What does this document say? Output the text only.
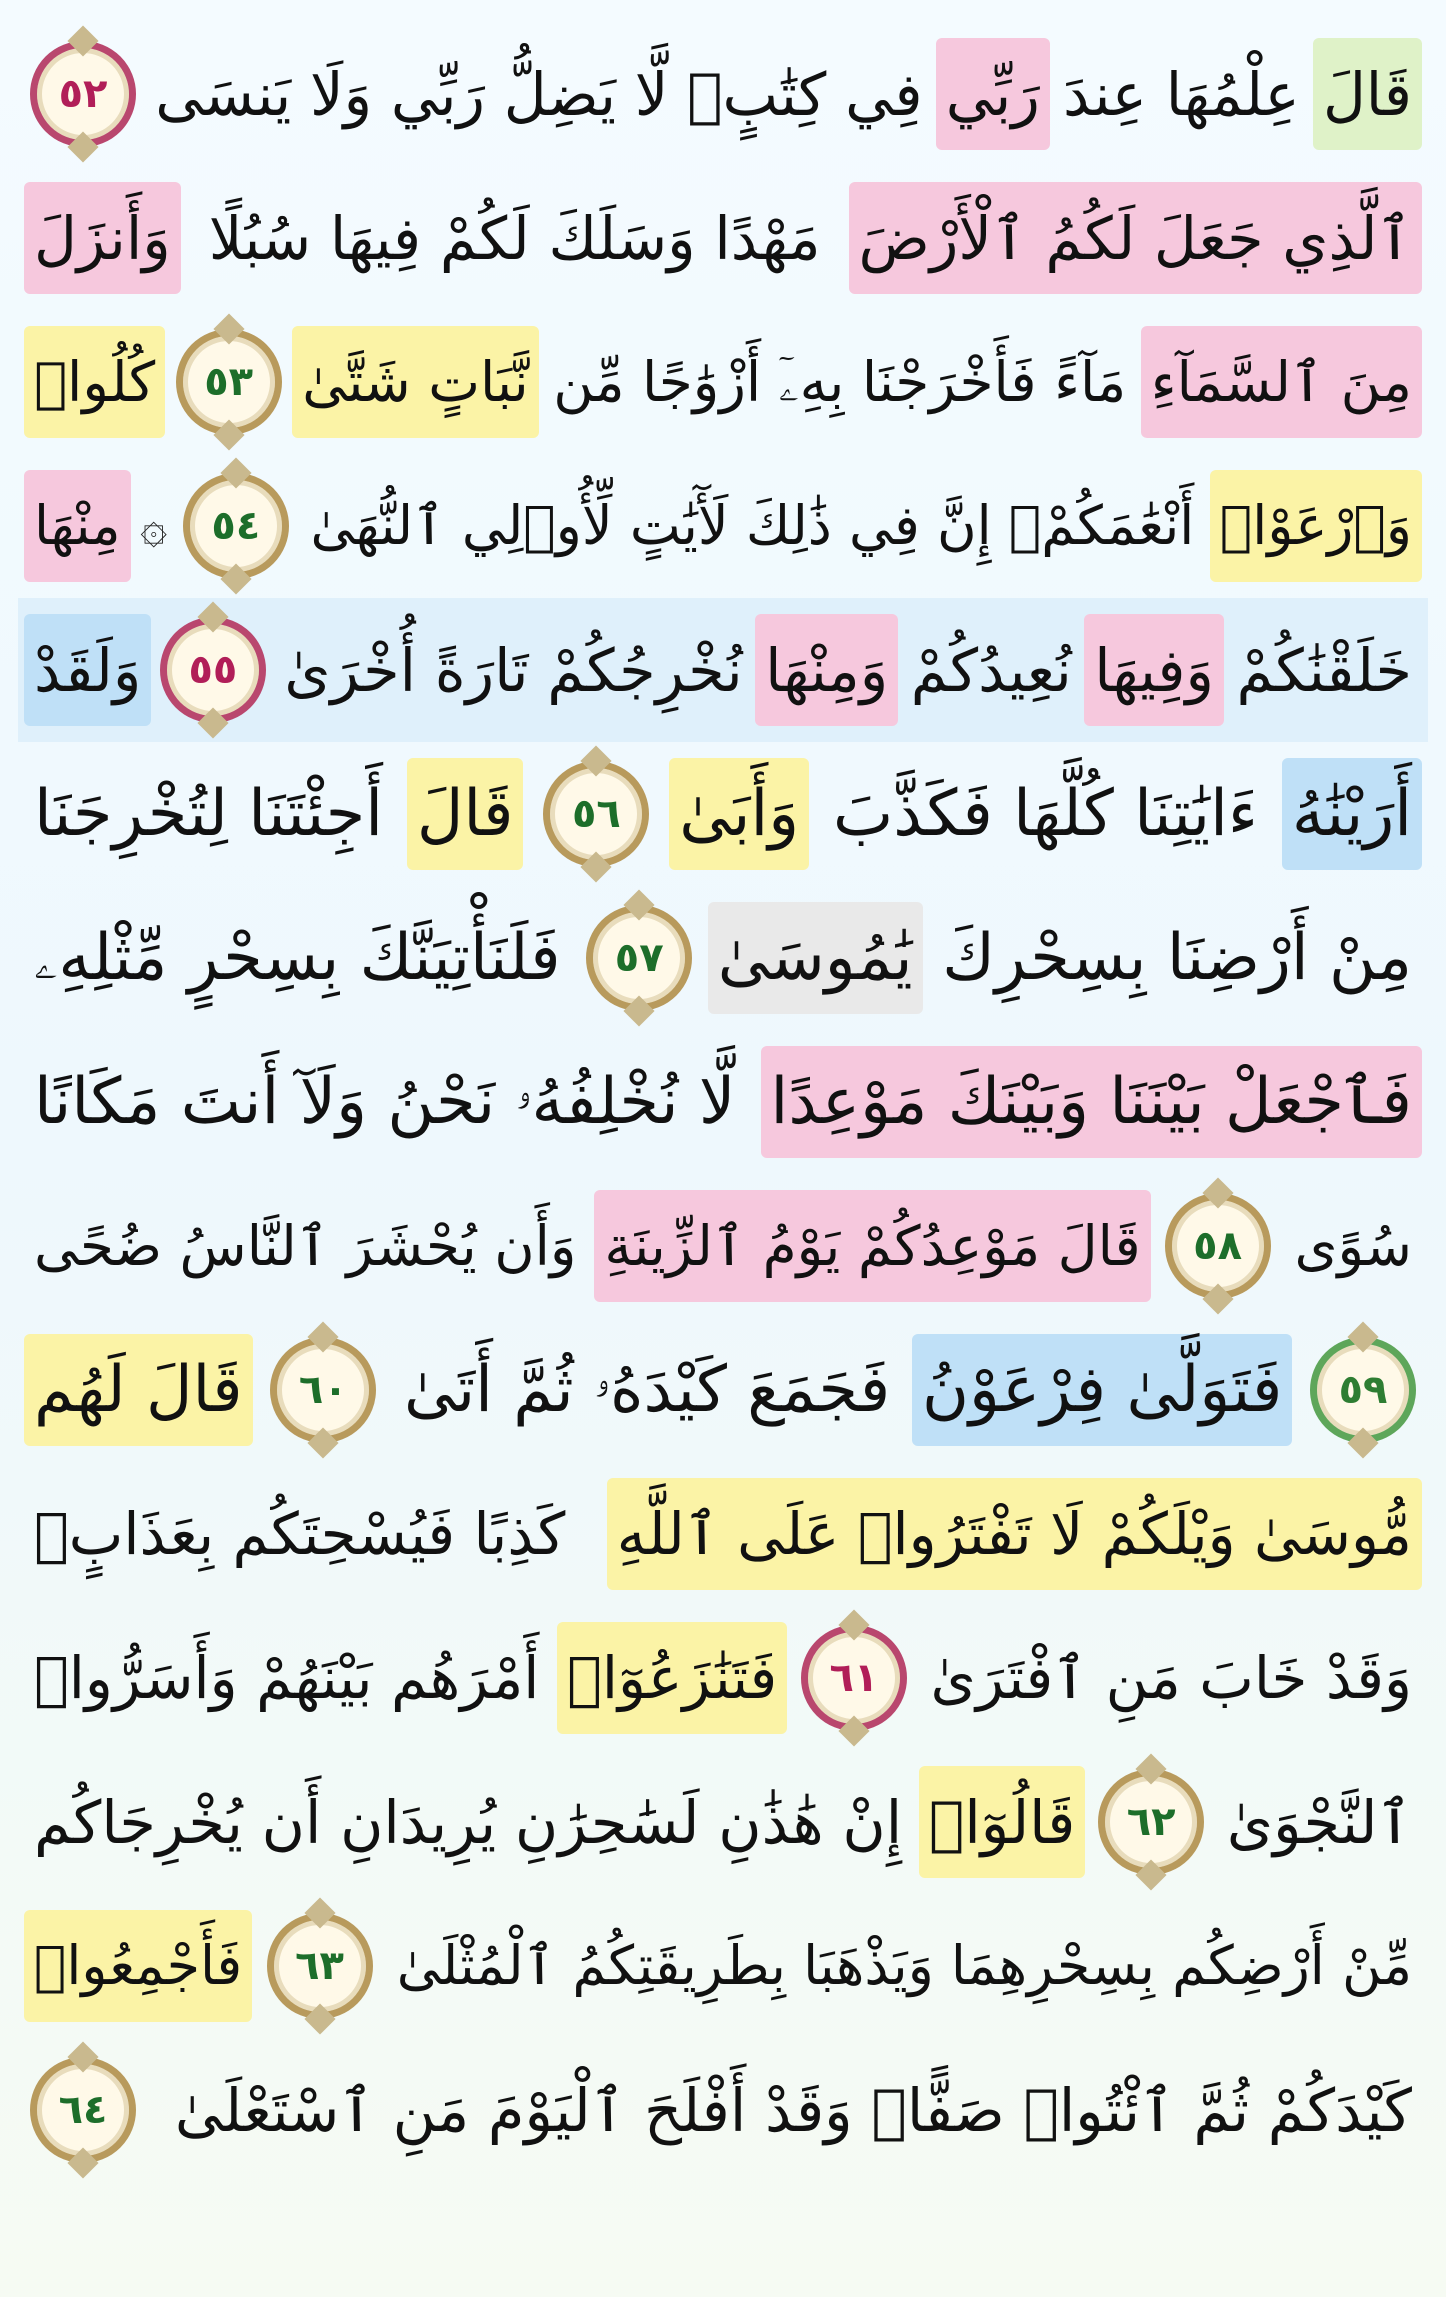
قَالَ
عِلْمُهَا عِندَ
رَبِّي
فِي كِتَٰبٍۖ لَّا يَضِلُّ رَبِّي وَلَا يَنسَى
٥٢
ٱلَّذِي جَعَلَ لَكُمُ ٱلْأَرْضَ
مَهْدًا وَسَلَكَ لَكُمْ فِيهَا سُبُلًا
وَأَنزَلَ
مِنَ ٱلسَّمَآءِ
مَآءً فَأَخْرَجْنَا بِهِۦٓ أَزْوَٰجًا مِّن
نَّبَاتٍ شَتَّىٰ
٥٣
كُلُوا۟
وَٱرْعَوْا۟
أَنْعَٰمَكُمْۗ إِنَّ فِي ذَٰلِكَ لَأٓيَٰتٍ لِّأُو۟لِي ٱلنُّهَىٰ
٥٤
۞
مِنْهَا
خَلَقْنَٰكُمْ
وَفِيهَا
نُعِيدُكُمْ
وَمِنْهَا
نُخْرِجُكُمْ تَارَةً أُخْرَىٰ
٥٥
وَلَقَدْ
أَرَيْنَٰهُ
ءَايَٰتِنَا كُلَّهَا فَكَذَّبَ
وَأَبَىٰ
٥٦
قَالَ
أَجِئْتَنَا لِتُخْرِجَنَا
مِنْ أَرْضِنَا بِسِحْرِكَ
يَٰمُوسَىٰ
٥٧
فَلَنَأْتِيَنَّكَ بِسِحْرٍ مِّثْلِهِۦ
فَٱجْعَلْ بَيْنَنَا وَبَيْنَكَ مَوْعِدًا
لَّا نُخْلِفُهُۥ نَحْنُ وَلَآ أَنتَ مَكَانًا
سُوًى
٥٨
قَالَ مَوْعِدُكُمْ يَوْمُ ٱلزِّينَةِ
وَأَن يُحْشَرَ ٱلنَّاسُ ضُحًى
٥٩
فَتَوَلَّىٰ فِرْعَوْنُ
فَجَمَعَ كَيْدَهُۥ ثُمَّ أَتَىٰ
٦٠
قَالَ لَهُم
مُّوسَىٰ وَيْلَكُمْ لَا تَفْتَرُوا۟ عَلَى ٱللَّهِ
كَذِبًا فَيُسْحِتَكُم بِعَذَابٍۖ
وَقَدْ خَابَ مَنِ ٱفْتَرَىٰ
٦١
فَتَنَٰزَعُوٓا۟
أَمْرَهُم بَيْنَهُمْ وَأَسَرُّوا۟
ٱلنَّجْوَىٰ
٦٢
قَالُوٓا۟
إِنْ هَٰذَٰنِ لَسَٰحِرَٰنِ يُرِيدَانِ أَن يُخْرِجَاكُم
مِّنْ أَرْضِكُم بِسِحْرِهِمَا وَيَذْهَبَا بِطَرِيقَتِكُمُ ٱلْمُثْلَىٰ
٦٣
فَأَجْمِعُوا۟
كَيْدَكُمْ ثُمَّ ٱئْتُوا۟ صَفًّاۚ وَقَدْ أَفْلَحَ ٱلْيَوْمَ مَنِ ٱسْتَعْلَىٰ
٦٤
